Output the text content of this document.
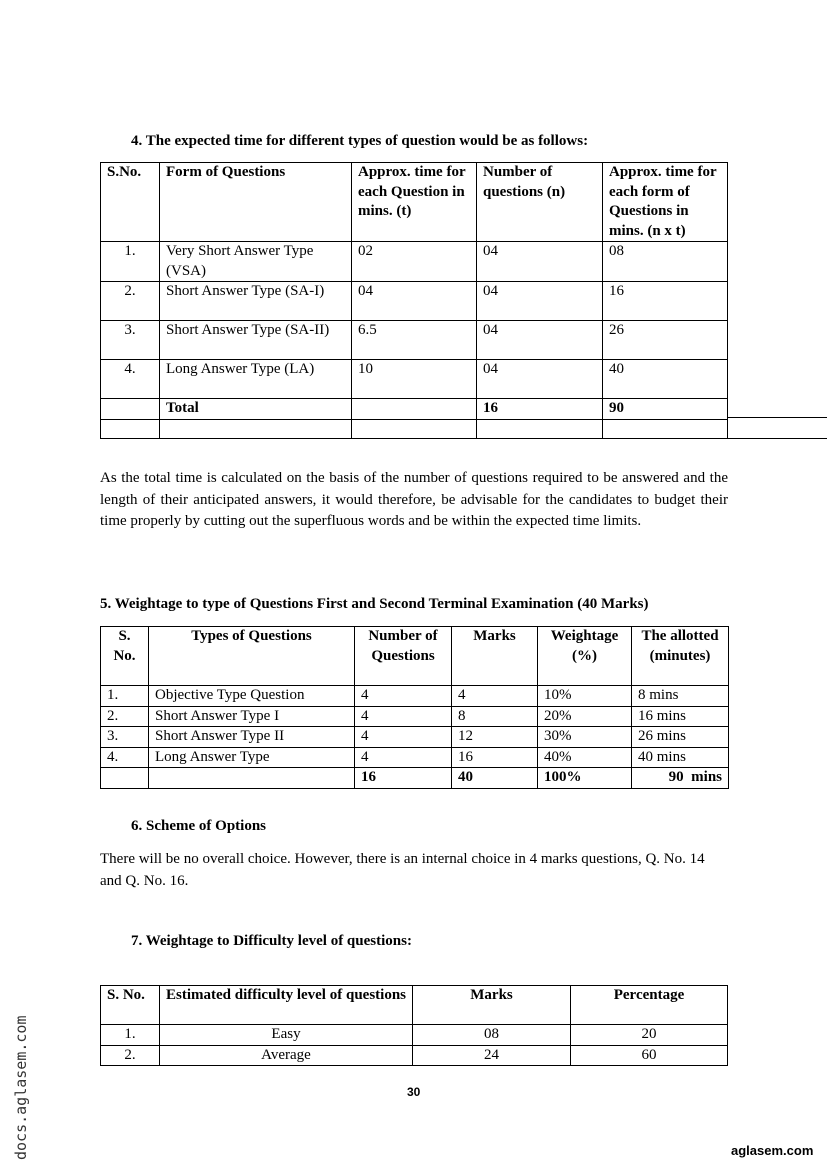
4. The expected time for different types of question would be as follows:
S.No.	Form of Questions	Approx. time for each Question in mins. (t)	Number of questions (n)	Approx. time for each form of Questions in mins. (n x t)
1.	Very Short Answer Type (VSA)	02	04	08
2.	Short Answer Type (SA-I)	04	04	16
3.	Short Answer Type (SA-II)	6.5	04	26
4.	Long Answer Type (LA)	10	04	40
	Total		16	90

As the total time is calculated on the basis of the number of questions required to be answered and the length of their anticipated answers, it would therefore, be advisable for the candidates to budget their time properly by cutting out the superfluous words and be within the expected time limits.
5. Weightage to type of Questions First and Second Terminal Examination (40 Marks)
S. No.	Types of Questions	Number of Questions	Marks	Weightage (%)	The allotted (minutes)
1.	Objective Type Question	4	4	10%	8 mins
2.	Short Answer Type I	4	8	20%	16 mins
3.	Short Answer Type II	4	12	30%	26 mins
4.	Long Answer Type	4	16	40%	40 mins
		16	40	100%	90  mins
6. Scheme of Options
There will be no overall choice. However, there is an internal choice in 4 marks questions, Q. No. 14 and Q. No. 16.
7. Weightage to Difficulty level of questions:
S. No.	Estimated difficulty level of questions	Marks	Percentage
1.	Easy	08	20
2.	Average	24	60
30
aglasem.com
docs.aglasem.com
